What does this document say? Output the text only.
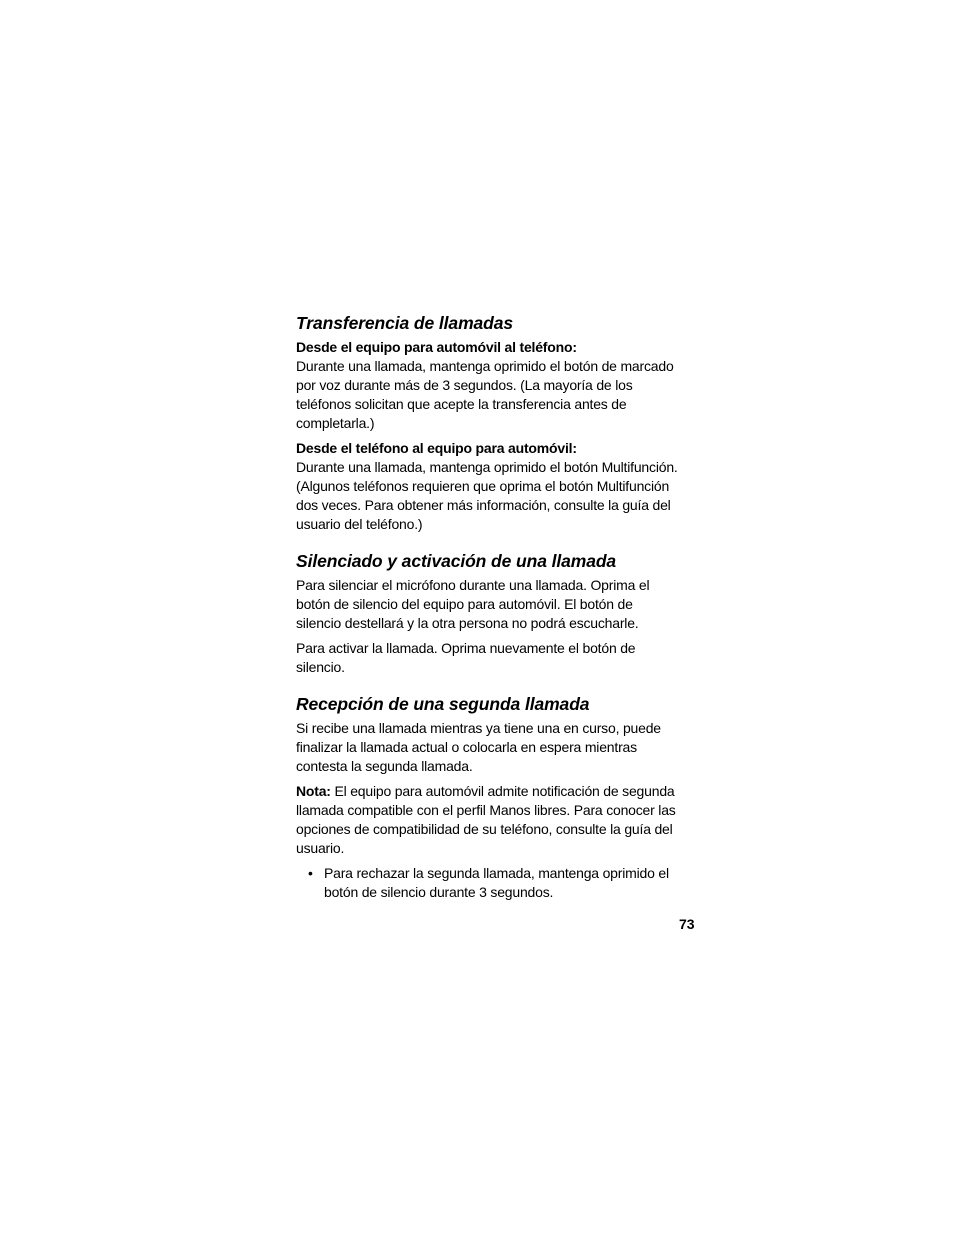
Transferencia de llamadas

Desde el equipo para automóvil al teléfono:
Durante una llamada, mantenga oprimido el botón de marcado por voz durante más de 3 segundos. (La mayoría de los teléfonos solicitan que acepte la transferencia antes de completarla.)

Desde el teléfono al equipo para automóvil:
Durante una llamada, mantenga oprimido el botón Multifunción. (Algunos teléfonos requieren que oprima el botón Multifunción dos veces. Para obtener más información, consulte la guía del usuario del teléfono.)

Silenciado y activación de una llamada

Para silenciar el micrófono durante una llamada. Oprima el botón de silencio del equipo para automóvil. El botón de silencio destellará y la otra persona no podrá escucharle.

Para activar la llamada. Oprima nuevamente el botón de silencio.

Recepción de una segunda llamada

Si recibe una llamada mientras ya tiene una en curso, puede finalizar la llamada actual o colocarla en espera mientras contesta la segunda llamada.

Nota: El equipo para automóvil admite notificación de segunda llamada compatible con el perfil Manos libres. Para conocer las opciones de compatibilidad de su teléfono, consulte la guía del usuario.

• Para rechazar la segunda llamada, mantenga oprimido el botón de silencio durante 3 segundos.
73
